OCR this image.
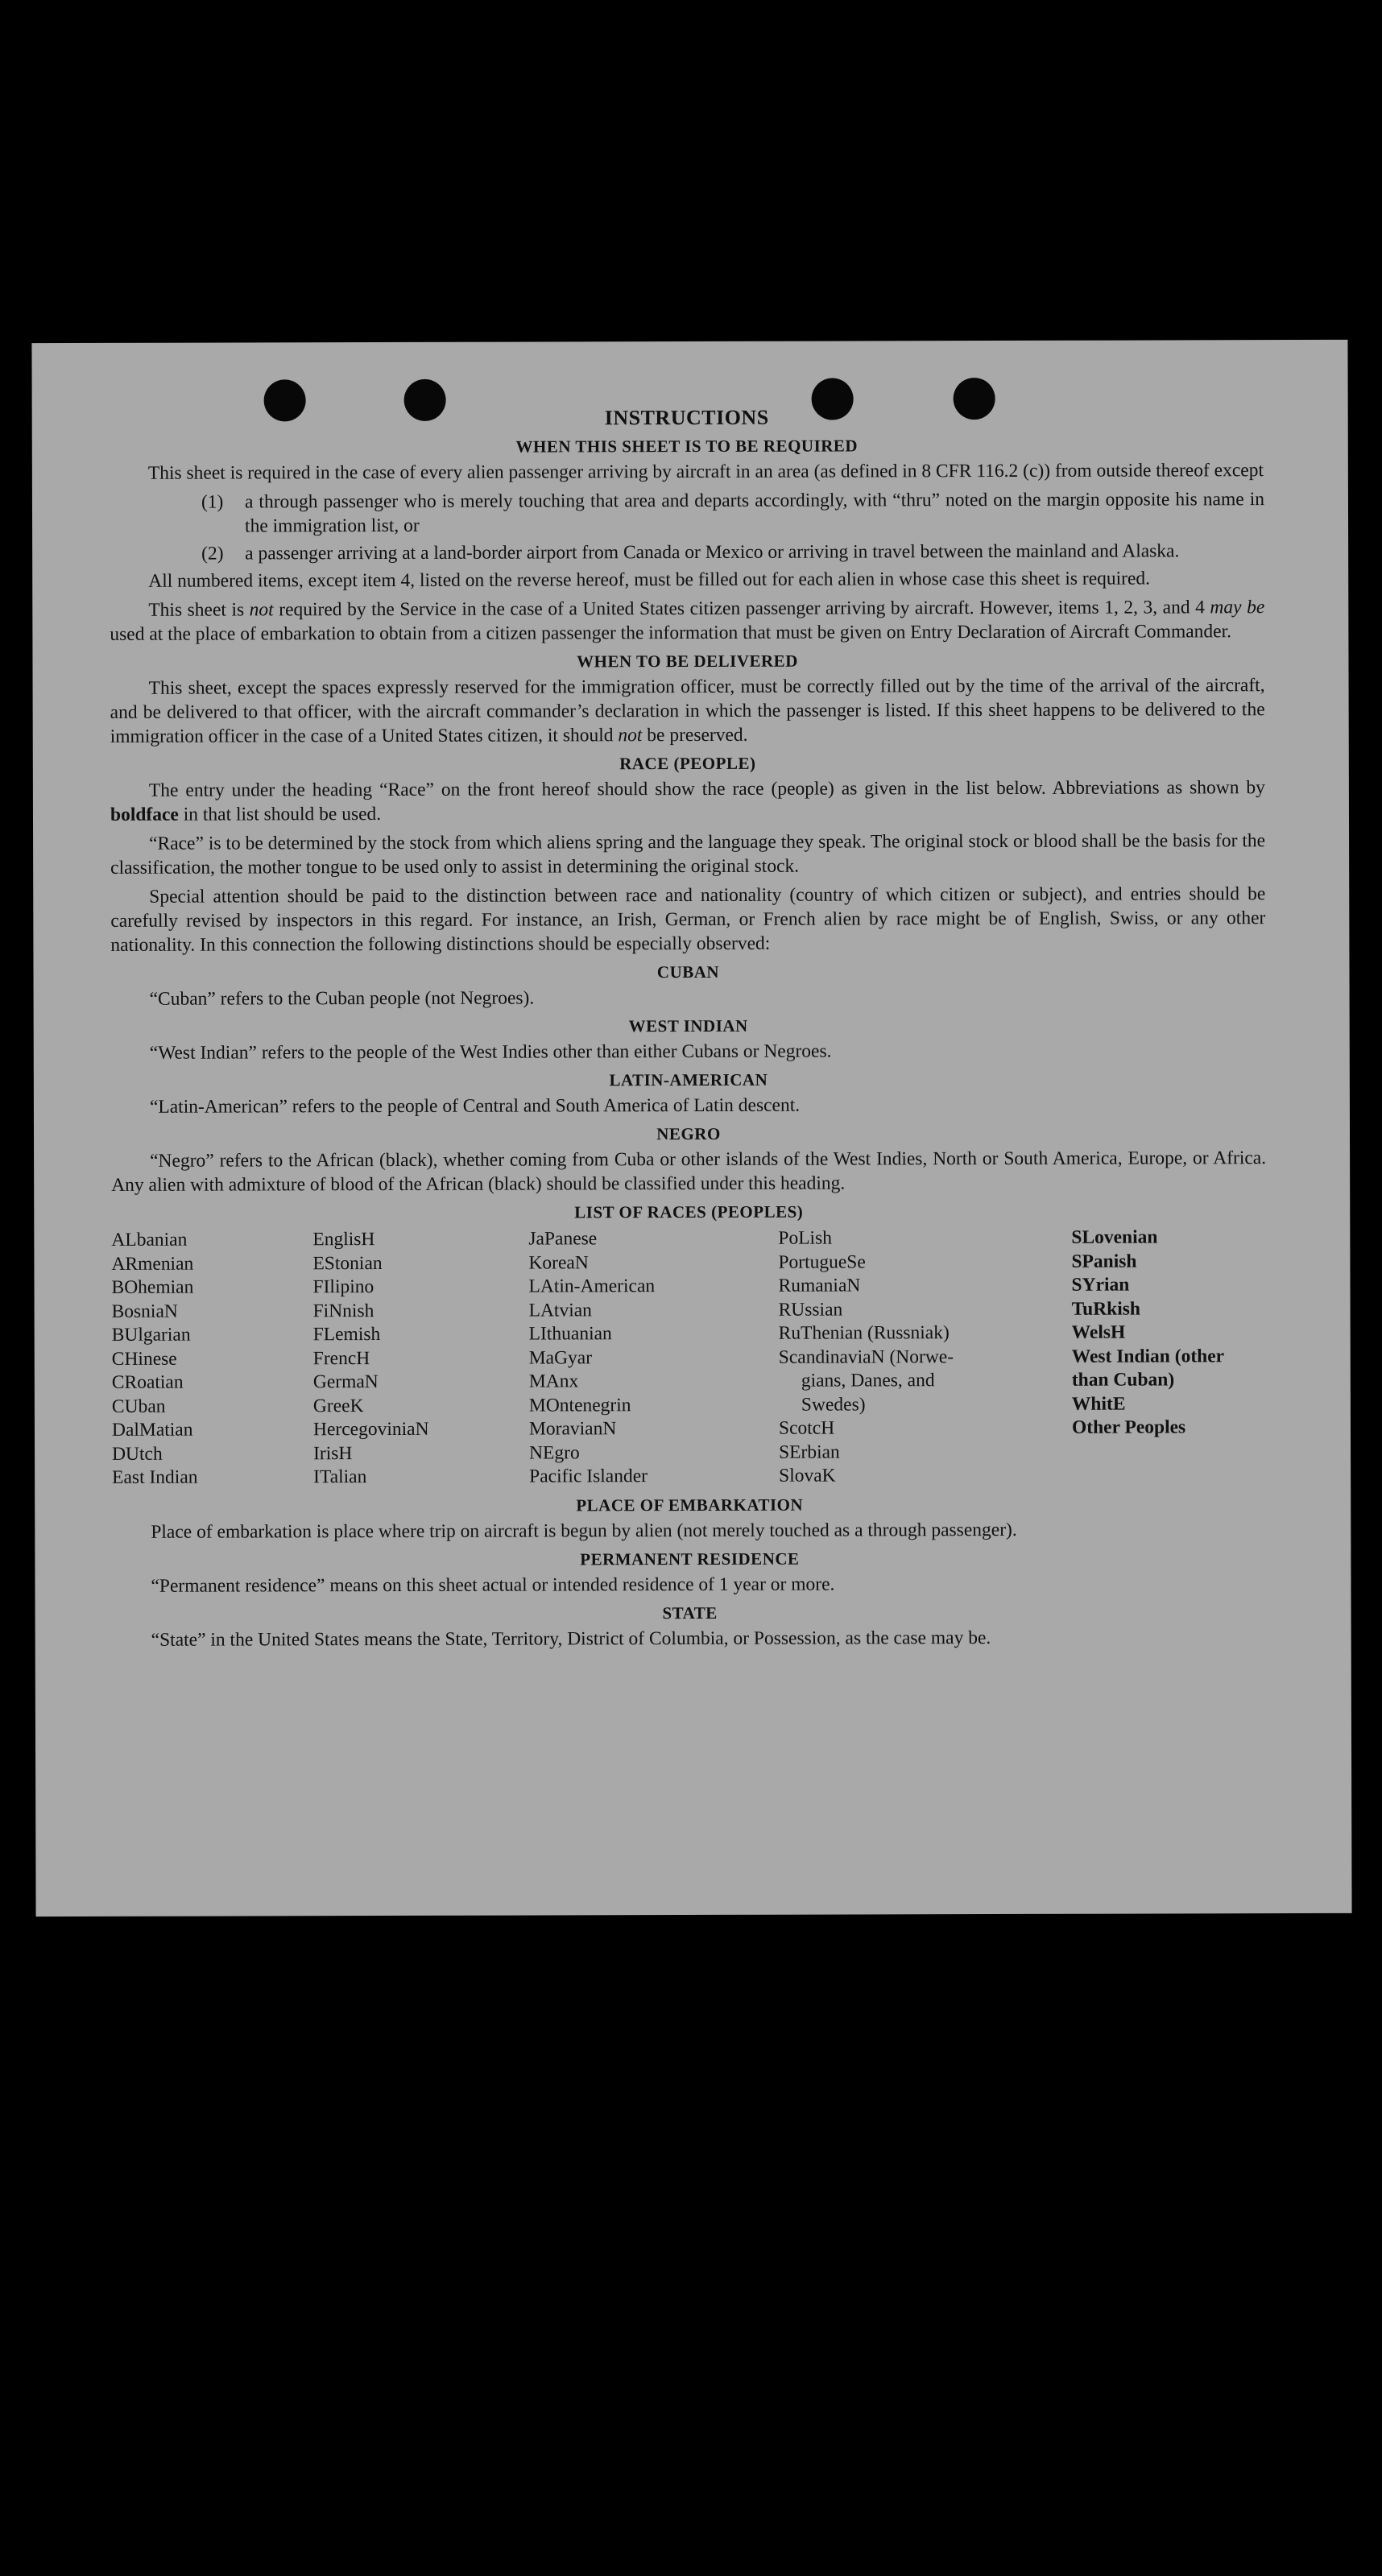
INSTRUCTIONS
WHEN THIS SHEET IS TO BE REQUIRED

This sheet is required in the case of every alien passenger arriving by aircraft in an area (as defined in 8 CFR 116.2 (c)) from outside thereof except

(1)	a through passenger who is merely touching that area and departs accordingly, with “thru” noted on the margin opposite his name in the immigration list, or
(2)	a passenger arriving at a land-border airport from Canada or Mexico or arriving in travel between the mainland and Alaska.

All numbered items, except item 4, listed on the reverse hereof, must be filled out for each alien in whose case this sheet is required.

This sheet is not required by the Service in the case of a United States citizen passenger arriving by aircraft. However, items 1, 2, 3, and 4 may be used at the place of embarkation to obtain from a citizen passenger the information that must be given on Entry Declaration of Aircraft Commander.

WHEN TO BE DELIVERED

This sheet, except the spaces expressly reserved for the immigration officer, must be correctly filled out by the time of the arrival of the aircraft, and be delivered to that officer, with the aircraft commander’s declaration in which the passenger is listed. If this sheet happens to be delivered to the immigration officer in the case of a United States citizen, it should not be preserved.

RACE (PEOPLE)

The entry under the heading “Race” on the front hereof should show the race (people) as given in the list below. Abbreviations as shown by boldface in that list should be used.

“Race” is to be determined by the stock from which aliens spring and the language they speak. The original stock or blood shall be the basis for the classification, the mother tongue to be used only to assist in determining the original stock.

Special attention should be paid to the distinction between race and nationality (country of which citizen or subject), and entries should be carefully revised by inspectors in this regard. For instance, an Irish, German, or French alien by race might be of English, Swiss, or any other nationality. In this connection the following distinctions should be especially observed:

CUBAN

“Cuban” refers to the Cuban people (not Negroes).

WEST INDIAN

“West Indian” refers to the people of the West Indies other than either Cubans or Negroes.

LATIN-AMERICAN

“Latin-American” refers to the people of Central and South America of Latin descent.

NEGRO

“Negro” refers to the African (black), whether coming from Cuba or other islands of the West Indies, North or South America, Europe, or Africa. Any alien with admixture of blood of the African (black) should be classified under this heading.

LIST OF RACES (PEOPLES)
ALbanian
ARmenian
BOhemian
BosniaN
BUlgarian
CHinese
CRoatian
CUban
DalMatian
DUtch
East Indian
EnglisH
EStonian
FIlipino
FiNnish
FLemish
FrencH
GermaN
GreeK
HercegoviniaN
IrisH
ITalian
JaPanese
KoreaN
LAtin-American
LAtvian
LIthuanian
MaGyar
MAnx
MOntenegrin
MoravianN
NEgro
Pacific Islander
PoLish
PortugueSe
RumaniaN
RUssian
RuThenian (Russniak)
ScandinaviaN (Norwe-
gians, Danes, and
Swedes)
ScotcH
SErbian
SlovaK
SLovenian
SPanish
SYrian
TuRkish
WelsH
West Indian (other
than Cuban)
WhitE
Other Peoples
PLACE OF EMBARKATION

Place of embarkation is place where trip on aircraft is begun by alien (not merely touched as a through passenger).

PERMANENT RESIDENCE

“Permanent residence” means on this sheet actual or intended residence of 1 year or more.

STATE

“State” in the United States means the State, Territory, District of Columbia, or Possession, as the case may be.
